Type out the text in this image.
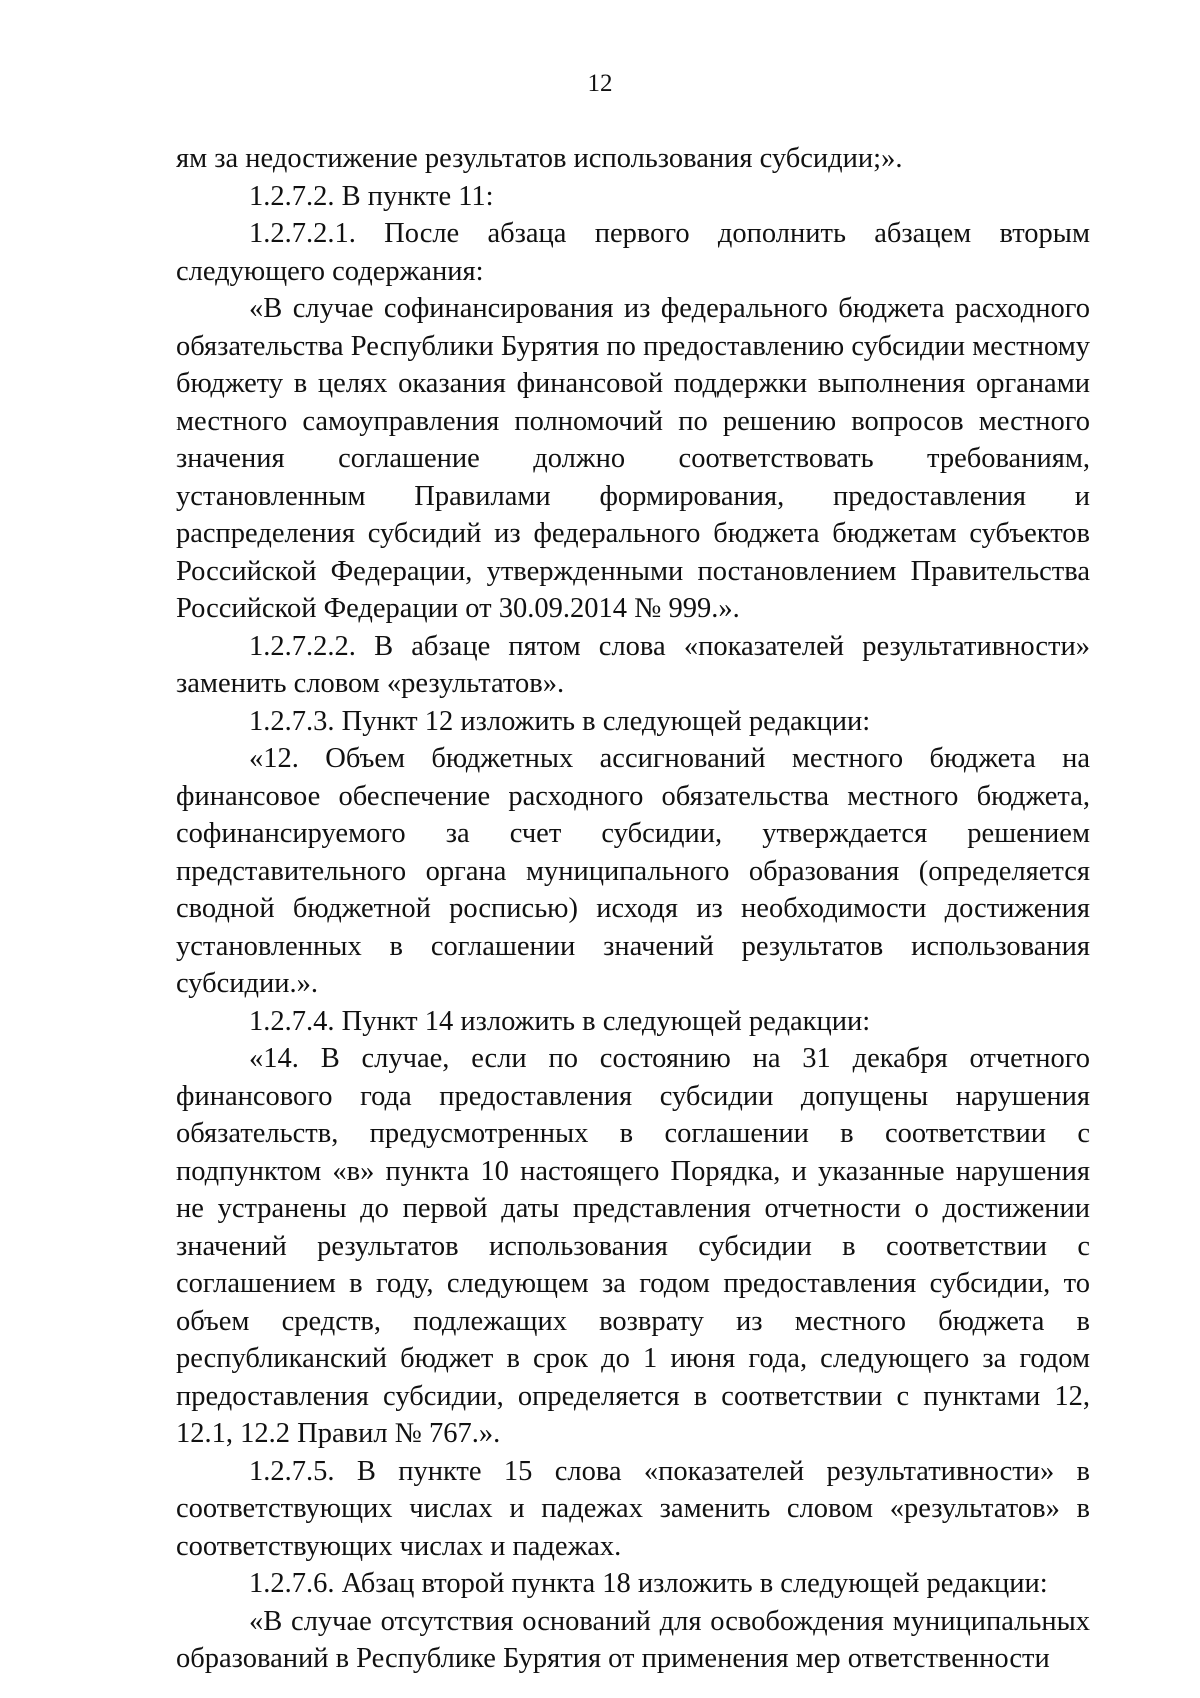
12

ям за недостижение результатов использования субсидии;».

1.2.7.2. В пункте 11:

1.2.7.2.1. После абзаца первого дополнить абзацем вторым следующего содержания:

«В случае софинансирования из федерального бюджета расходного обязательства Республики Бурятия по предоставлению субсидии местному бюджету в целях оказания финансовой поддержки выполнения органами местного самоуправления полномочий по решению вопросов местного значения соглашение должно соответствовать требованиям, установленным Правилами формирования, предоставления и распределения субсидий из федерального бюджета бюджетам субъектов Российской Федерации, утвержденными постановлением Правительства Российской Федерации от 30.09.2014 № 999.».

1.2.7.2.2. В абзаце пятом слова «показателей результативности» заменить словом «результатов».

1.2.7.3. Пункт 12 изложить в следующей редакции:

«12. Объем бюджетных ассигнований местного бюджета на финансовое обеспечение расходного обязательства местного бюджета, софинансируемого за счет субсидии, утверждается решением представительного органа муниципального образования (определяется сводной бюджетной росписью) исходя из необходимости достижения установленных в соглашении значений результатов использования субсидии.».

1.2.7.4. Пункт 14 изложить в следующей редакции:

«14. В случае, если по состоянию на 31 декабря отчетного финансового года предоставления субсидии допущены нарушения обязательств, предусмотренных в соглашении в соответствии с подпунктом «в» пункта 10 настоящего Порядка, и указанные нарушения не устранены до первой даты представления отчетности о достижении значений результатов использования субсидии в соответствии с соглашением в году, следующем за годом предоставления субсидии, то объем средств, подлежащих возврату из местного бюджета в республиканский бюджет в срок до 1 июня года, следующего за годом предоставления субсидии, определяется в соответствии с пунктами 12, 12.1, 12.2 Правил № 767.».

1.2.7.5. В пункте 15 слова «показателей результативности» в соответствующих числах и падежах заменить словом «результатов» в соответствующих числах и падежах.

1.2.7.6. Абзац второй пункта 18 изложить в следующей редакции:

«В случае отсутствия оснований для освобождения муниципальных образований в Республике Бурятия от применения мер ответственности
